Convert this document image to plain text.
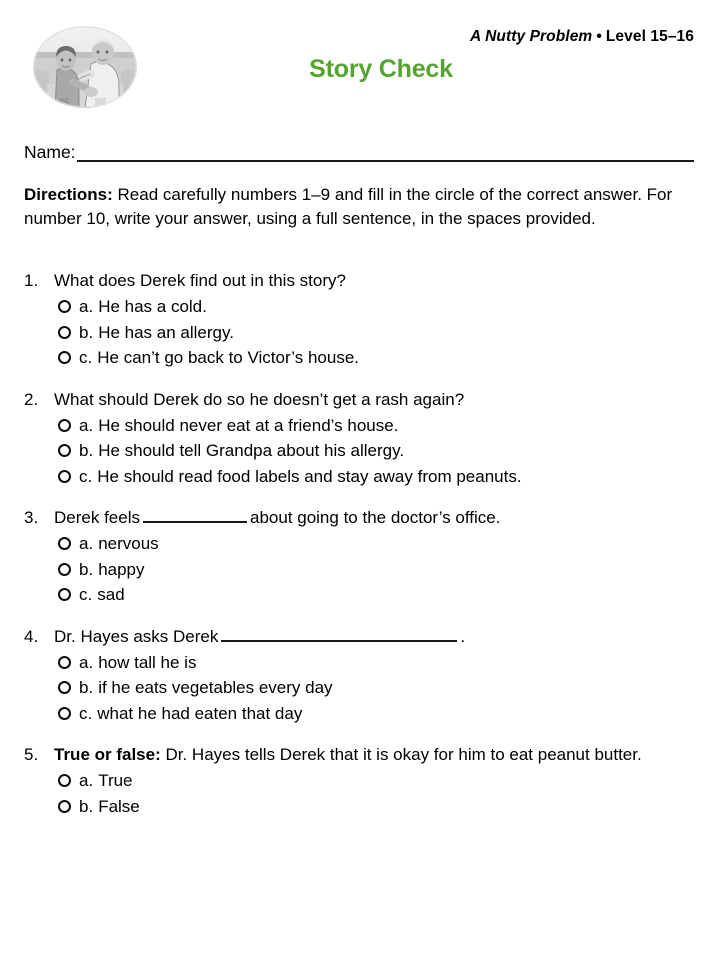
A Nutty Problem • Level 15–16
Story Check
Name:
Directions: Read carefully numbers 1–9 and fill in the circle of the correct answer. For number 10, write your answer, using a full sentence, in the spaces provided.
1. What does Derek find out in this story?
a. He has a cold.
b. He has an allergy.
c. He can’t go back to Victor’s house.
2. What should Derek do so he doesn’t get a rash again?
a. He should never eat at a friend’s house.
b. He should tell Grandpa about his allergy.
c. He should read food labels and stay away from peanuts.
3. Derek feels	about going to the doctor’s office.
a. nervous
b. happy
c. sad
4. Dr. Hayes asks Derek	.
a. how tall he is
b. if he eats vegetables every day
c. what he had eaten that day
5. True or false: Dr. Hayes tells Derek that it is okay for him to eat peanut butter.
a. True
b. False
